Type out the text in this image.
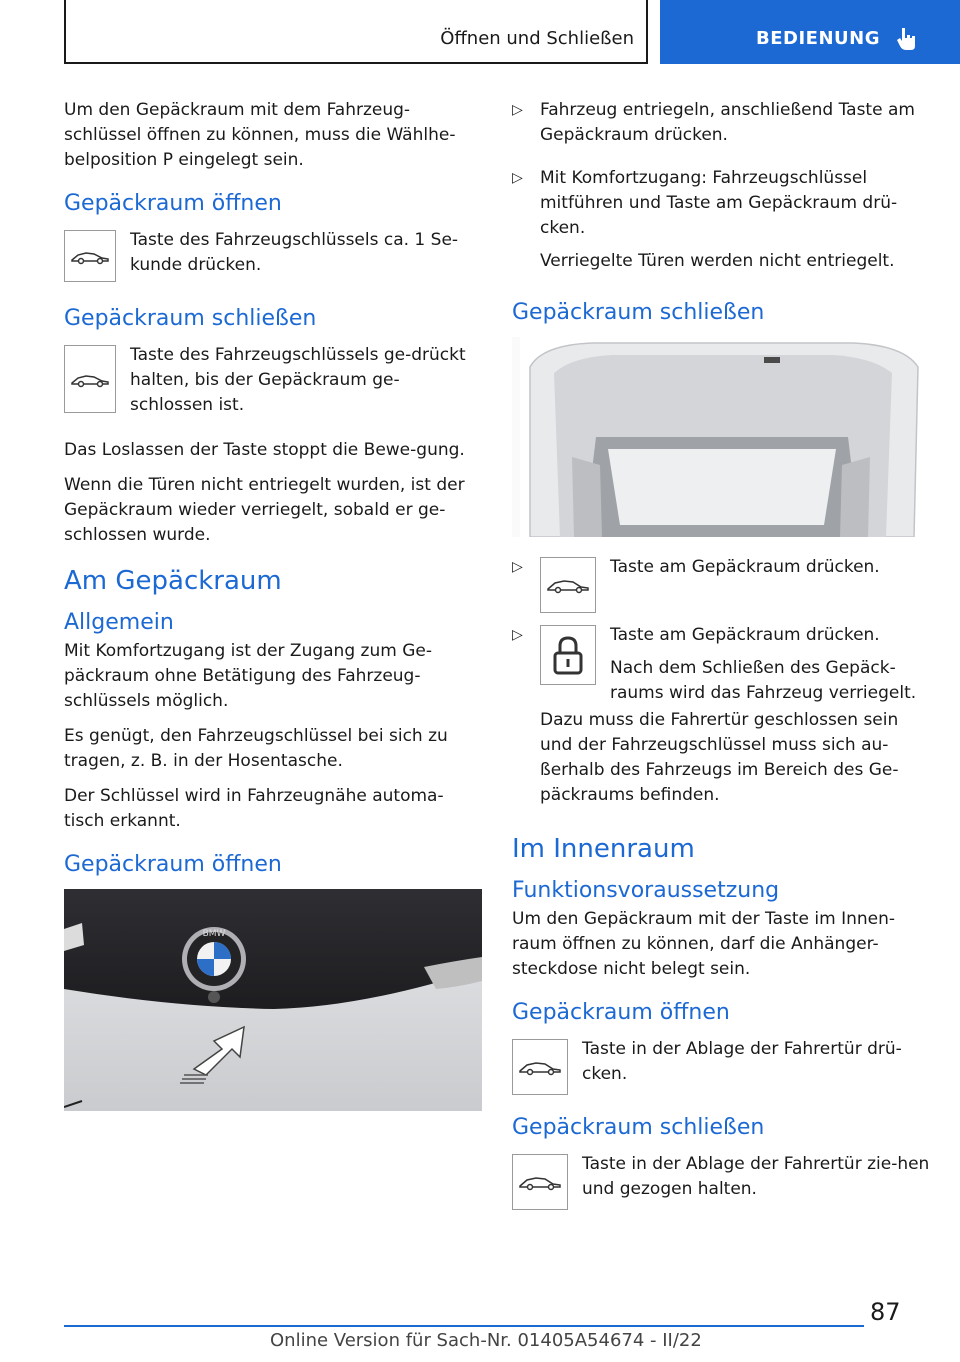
Öffnen und Schließen	BEDIENUNG

Um den Gepäckraum mit dem Fahrzeug-schlüssel öffnen zu können, muss die Wählhe-belposition P eingelegt sein.

Gepäckraum öffnen

Taste des Fahrzeugschlüssels ca. 1 Se-kunde drücken.

Gepäckraum schließen

Taste des Fahrzeugschlüssels ge-drückt halten, bis der Gepäckraum ge-schlossen ist.

Das Loslassen der Taste stoppt die Bewe-gung.

Wenn die Türen nicht entriegelt wurden, ist der Gepäckraum wieder verriegelt, sobald er ge-schlossen wurde.

Am Gepäckraum
Allgemein

Mit Komfortzugang ist der Zugang zum Ge-päckraum ohne Betätigung des Fahrzeug-schlüssels möglich.

Es genügt, den Fahrzeugschlüssel bei sich zu tragen, z. B. in der Hosentasche.

Der Schlüssel wird in Fahrzeugnähe automa-tisch erkannt.

Gepäckraum öffnen
BMW
▷	Fahrzeug entriegeln, anschließend Taste am Gepäckraum drücken.

▷	Mit Komfortzugang: Fahrzeugschlüssel mitführen und Taste am Gepäckraum drü-cken.

Verriegelte Türen werden nicht entriegelt.

Gepäckraum schließen
▷	Taste am Gepäckraum drücken.

▷	Taste am Gepäckraum drücken.

Nach dem Schließen des Gepäck-raums wird das Fahrzeug verriegelt.

Dazu muss die Fahrertür geschlossen sein und der Fahrzeugschlüssel muss sich au-ßerhalb des Fahrzeugs im Bereich des Ge-päckraums befinden.

Im Innenraum
Funktionsvoraussetzung

Um den Gepäckraum mit der Taste im Innen-raum öffnen zu können, darf die Anhänger-steckdose nicht belegt sein.

Gepäckraum öffnen

Taste in der Ablage der Fahrertür drü-cken.

Gepäckraum schließen

Taste in der Ablage der Fahrertür zie-hen und gezogen halten.

87
Online Version für Sach-Nr. 01405A54674 - II/22
